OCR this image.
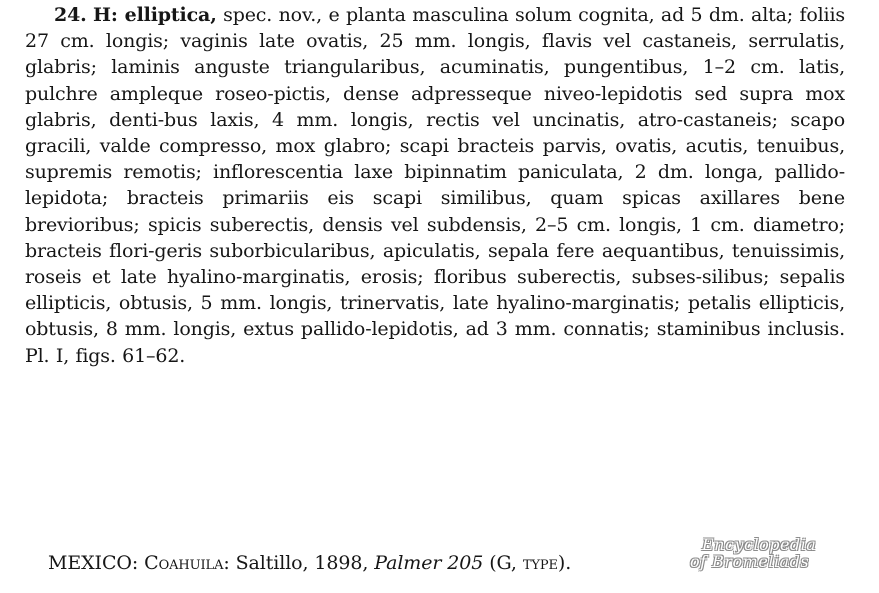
24. H: elliptica, spec. nov., e planta masculina solum cognita, ad 5 dm. alta; foliis 27 cm. longis; vaginis late ovatis, 25 mm. longis, flavis vel castaneis, serrulatis, glabris; laminis anguste triangularibus, acuminatis, pungentibus, 1–2 cm. latis, pulchre ampleque roseo-pictis, dense adpresseque niveo-lepidotis sed supra mox glabris, denti-bus laxis, 4 mm. longis, rectis vel uncinatis, atro-castaneis; scapo gracili, valde compresso, mox glabro; scapi bracteis parvis, ovatis, acutis, tenuibus, supremis remotis; inflorescentia laxe bipinnatim paniculata, 2 dm. longa, pallido-lepidota; bracteis primariis eis scapi similibus, quam spicas axillares bene brevioribus; spicis suberectis, densis vel subdensis, 2–5 cm. longis, 1 cm. diametro; bracteis flori-geris suborbicularibus, apiculatis, sepala fere aequantibus, tenuissimis, roseis et late hyalino-marginatis, erosis; floribus suberectis, subses-silibus; sepalis ellipticis, obtusis, 5 mm. longis, trinervatis, late hyalino-marginatis; petalis ellipticis, obtusis, 8 mm. longis, extus pallido-lepidotis, ad 3 mm. connatis; staminibus inclusis. Pl. I, figs. 61–62.

MEXICO: Coahuila: Saltillo, 1898, Palmer 205 (G, type).
Encyclopedia
of Bromeliads
